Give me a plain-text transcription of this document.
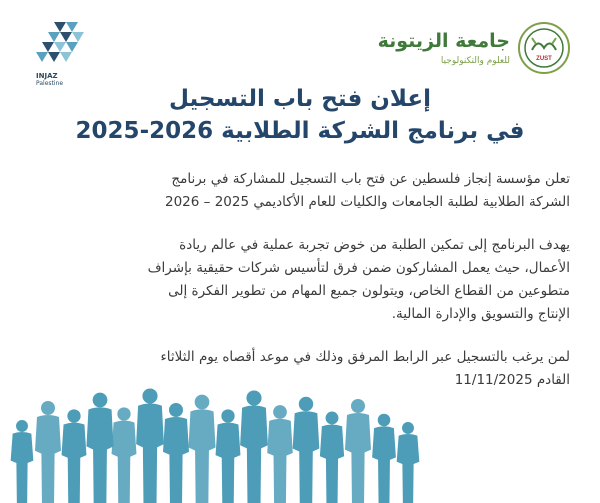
INJAZ
Palestine
جامعة الزيتونة
للعلوم والتكنولوجيا	ZUST
إعلان فتح باب التسجيل
في برنامج الشركة الطلابية 2026-2025
تعلن مؤسسة إنجاز فلسطين عن فتح باب التسجيل للمشاركة في برنامج
الشركة الطلابية لطلبة الجامعات والكليات للعام الأكاديمي 2025 – 2026
يهدف البرنامج إلى تمكين الطلبة من خوض تجربة عملية في عالم ريادة
الأعمال، حيث يعمل المشاركون ضمن فرق لتأسيس شركات حقيقية بإشراف
متطوعين من القطاع الخاص، ويتولون جميع المهام من تطوير الفكرة إلى
الإنتاج والتسويق والإدارة المالية.
لمن يرغب بالتسجيل عبر الرابط المرفق وذلك في موعد أقصاه يوم الثلاثاء
القادم 11/11/2025
